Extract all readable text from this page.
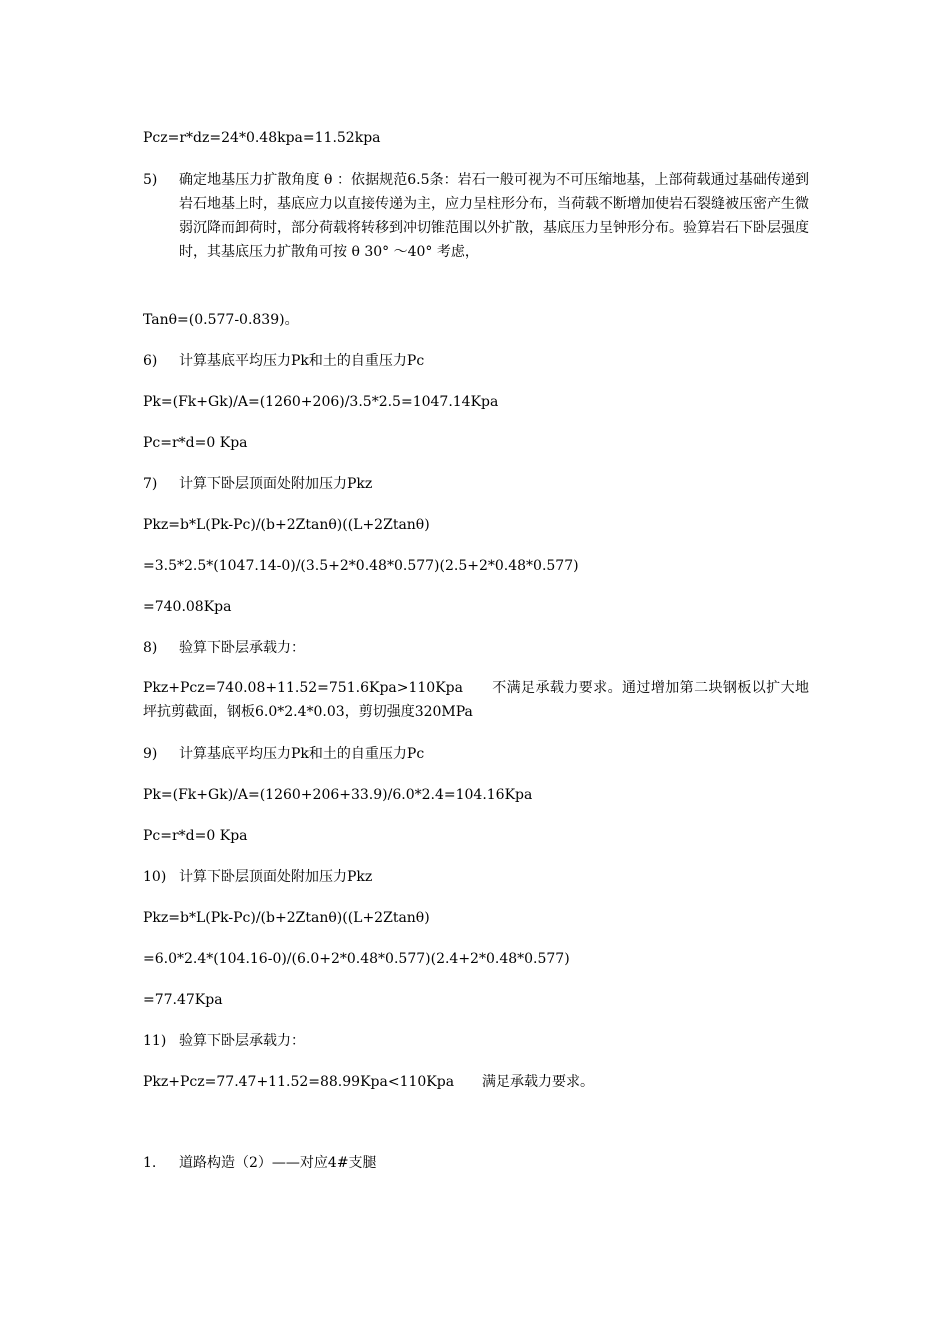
Pcz=r*dz=24*0.48kpa=11.52kpa
5) 确定地基压力扩散角度 θ ：依据规范6.5条：岩石一般可视为不可压缩地基，上部荷载通过基础传递到岩石地基上时，基底应力以直接传递为主，应力呈柱形分布，当荷载不断增加使岩石裂缝被压密产生微弱沉降而卸荷时，部分荷载将转移到冲切锥范围以外扩散，基底压力呈钟形分布。验算岩石下卧层强度时，其基底压力扩散角可按 θ 30° ～40° 考虑，
Tanθ=(0.577-0.839)。
6) 计算基底平均压力Pk和土的自重压力Pc
Pk=(Fk+Gk)/A=(1260+206)/3.5*2.5=1047.14Kpa
Pc=r*d=0 Kpa
7) 计算下卧层顶面处附加压力Pkz
Pkz=b*L(Pk-Pc)/(b+2Ztanθ)((L+2Ztanθ)
=3.5*2.5*(1047.14-0)/(3.5+2*0.48*0.577)(2.5+2*0.48*0.577)
=740.08Kpa
8) 验算下卧层承载力：
Pkz+Pcz=740.08+11.52=751.6Kpa>110Kpa　　不满足承载力要求。通过增加第二块钢板以扩大地坪抗剪截面，钢板6.0*2.4*0.03，剪切强度320MPa
9) 计算基底平均压力Pk和土的自重压力Pc
Pk=(Fk+Gk)/A=(1260+206+33.9)/6.0*2.4=104.16Kpa
Pc=r*d=0 Kpa
10) 计算下卧层顶面处附加压力Pkz
Pkz=b*L(Pk-Pc)/(b+2Ztanθ)((L+2Ztanθ)
=6.0*2.4*(104.16-0)/(6.0+2*0.48*0.577)(2.4+2*0.48*0.577)
=77.47Kpa
11) 验算下卧层承载力：
Pkz+Pcz=77.47+11.52=88.99Kpa<110Kpa　　满足承载力要求。
1. 道路构造（2）——对应4#支腿
